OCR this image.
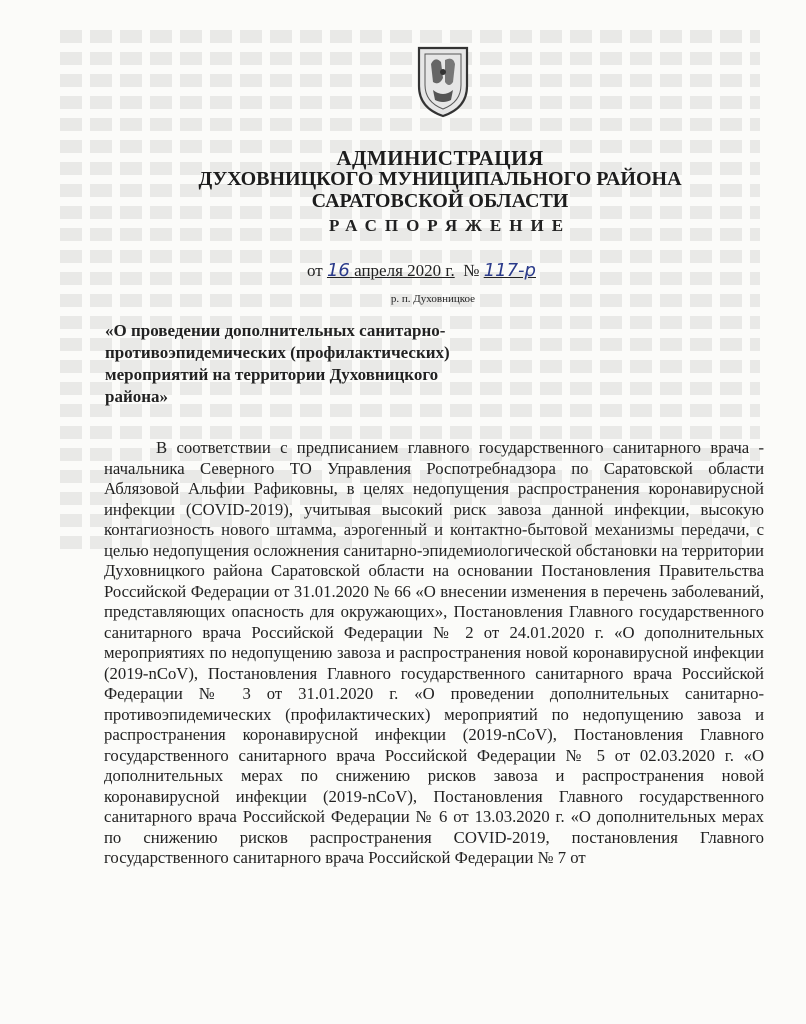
АДМИНИСТРАЦИЯ
ДУХОВНИЦКОГО МУНИЦИПАЛЬНОГО РАЙОНА
САРАТОВСКОЙ ОБЛАСТИ
РАСПОРЯЖЕНИЕ
от 16 апреля 2020 г. № 117-р
р. п. Духовницкое
«О проведении дополнительных санитарно-противоэпидемических (профилактических) мероприятий на территории Духовницкого района»

В соответствии с предписанием главного государственного санитарного врача - начальника Северного ТО Управления Роспотребнадзора по Саратовской области Аблязовой Альфии Рафиковны, в целях недопущения распространения коронавирусной инфекции (COVID-2019), учитывая высокий риск завоза данной инфекции, высокую контагиозность нового штамма, аэрогенный и контактно-бытовой механизмы передачи, с целью недопущения осложнения санитарно-эпидемиологической обстановки на территории Духовницкого района Саратовской области на основании Постановления Правительства Российской Федерации от 31.01.2020 № 66 «О внесении изменения в перечень заболеваний, представляющих опасность для окружающих», Постановления Главного государственного санитарного врача Российской Федерации № 2 от 24.01.2020 г. «О дополнительных мероприятиях по недопущению завоза и распространения новой коронавирусной инфекции (2019-nCoV), Постановления Главного государственного санитарного врача Российской Федерации № 3 от 31.01.2020 г. «О проведении дополнительных санитарно-противоэпидемических (профилактических) мероприятий по недопущению завоза и распространения коронавирусной инфекции (2019-nCoV), Постановления Главного государственного санитарного врача Российской Федерации № 5 от 02.03.2020 г. «О дополнительных мерах по снижению рисков завоза и распространения новой коронавирусной инфекции (2019-nCoV), Постановления Главного государственного санитарного врача Российской Федерации № 6 от 13.03.2020 г. «О дополнительных мерах по снижению рисков распространения COVID-2019, постановления Главного государственного санитарного врача Российской Федерации № 7 от
